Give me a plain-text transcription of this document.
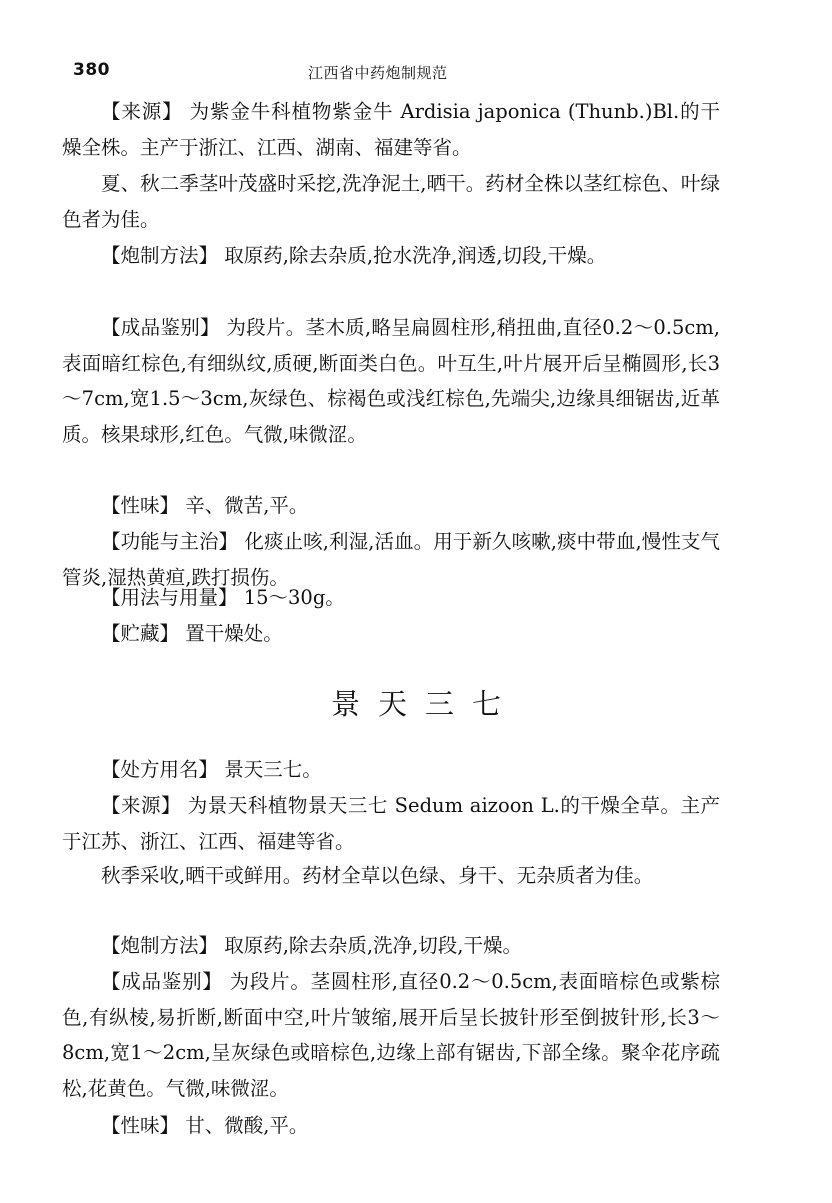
380	江西省中药炮制规范

【来源】 为紫金牛科植物紫金牛 Ardisia japonica (Thunb.)Bl.的干燥全株。主产于浙江、江西、湖南、福建等省。

夏、秋二季茎叶茂盛时采挖,洗净泥土,晒干。药材全株以茎红棕色、叶绿色者为佳。

【炮制方法】 取原药,除去杂质,抢水洗净,润透,切段,干燥。

【成品鉴别】 为段片。茎木质,略呈扁圆柱形,稍扭曲,直径0.2～0.5cm,表面暗红棕色,有细纵纹,质硬,断面类白色。叶互生,叶片展开后呈椭圆形,长3～7cm,宽1.5～3cm,灰绿色、棕褐色或浅红棕色,先端尖,边缘具细锯齿,近革质。核果球形,红色。气微,味微涩。

【性味】 辛、微苦,平。

【功能与主治】 化痰止咳,利湿,活血。用于新久咳嗽,痰中带血,慢性支气管炎,湿热黄疸,跌打损伤。

【用法与用量】 15～30g。

【贮藏】 置干燥处。

景天三七

【处方用名】 景天三七。

【来源】 为景天科植物景天三七 Sedum aizoon L.的干燥全草。主产于江苏、浙江、江西、福建等省。

秋季采收,晒干或鲜用。药材全草以色绿、身干、无杂质者为佳。

【炮制方法】 取原药,除去杂质,洗净,切段,干燥。

【成品鉴别】 为段片。茎圆柱形,直径0.2～0.5cm,表面暗棕色或紫棕色,有纵棱,易折断,断面中空,叶片皱缩,展开后呈长披针形至倒披针形,长3～8cm,宽1～2cm,呈灰绿色或暗棕色,边缘上部有锯齿,下部全缘。聚伞花序疏松,花黄色。气微,味微涩。

【性味】 甘、微酸,平。
